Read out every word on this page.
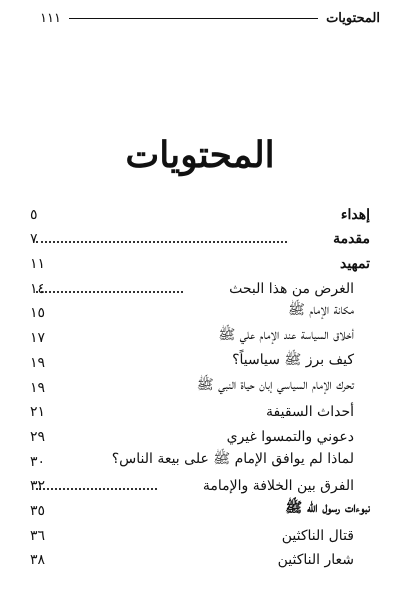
المحتويات
١١١
المحتويات
إهداء
٥
مقدمة
٧
تمهيد
١١
الغرض من هذا البحث
١٤
مكانة الإمام ﷺ
١٥
أخلاق السياسة عند الإمام علي ﷺ
١٧
كيف برز ﷺ سياسياً؟
١٩
تحرك الإمام السياسي إبان حياة النبي ﷺ
١٩
أحداث السقيفة
٢١
دعوني والتمسوا غيري
٢٩
لماذا لم يوافق الإمام ﷺ على بيعة الناس؟
٣٠
الفرق بين الخلافة والإمامة
٣٢
نبوءات رسول الله ﷺ
٣٥
قتال الناكثين
٣٦
شعار الناكثين
٣٨
